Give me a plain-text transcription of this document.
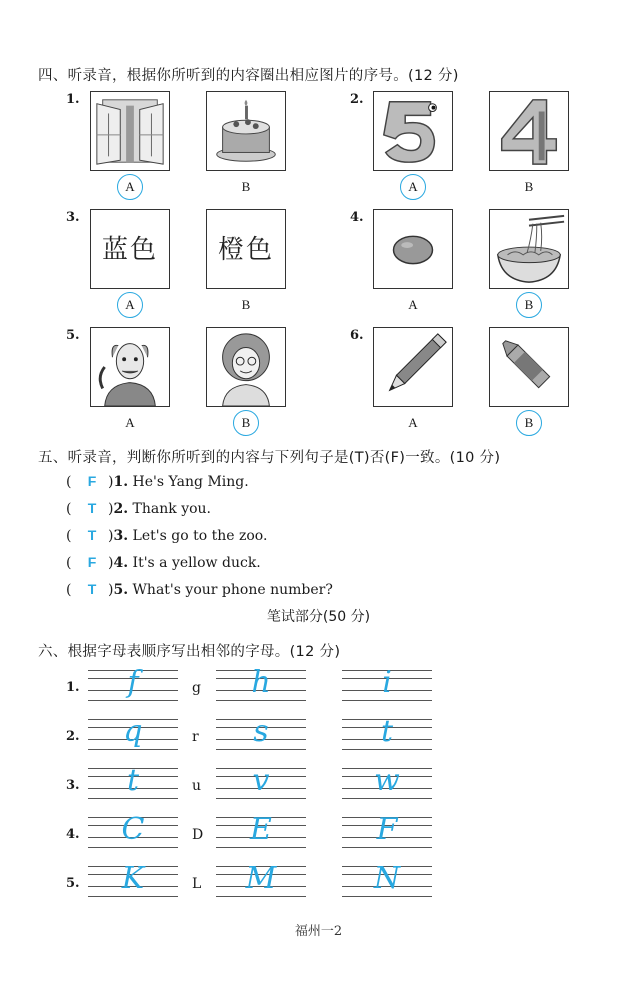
四、听录音，根据你所听到的内容圈出相应图片的序号。(12 分)
1.
A	B
2.
A	B
3.
蓝色
A
橙色
B
4.
A	B
5.
A	B
6.
A	B
五、听录音，判断你所听到的内容与下列句子是(T)否(F)一致。(10 分)
( F )1. He's Yang Ming.
( T )2. Thank you.
( T )3. Let's go to the zoo.
( F )4. It's a yellow duck.
( T )5. What's your phone number?
笔试部分(50 分)
六、根据字母表顺序写出相邻的字母。(12 分)
1.	f	g	h	i
2.	q	r	s	t
3.	t	u	v	w
4.	C	D	E	F
5.	K	L	M	N
福州一2
